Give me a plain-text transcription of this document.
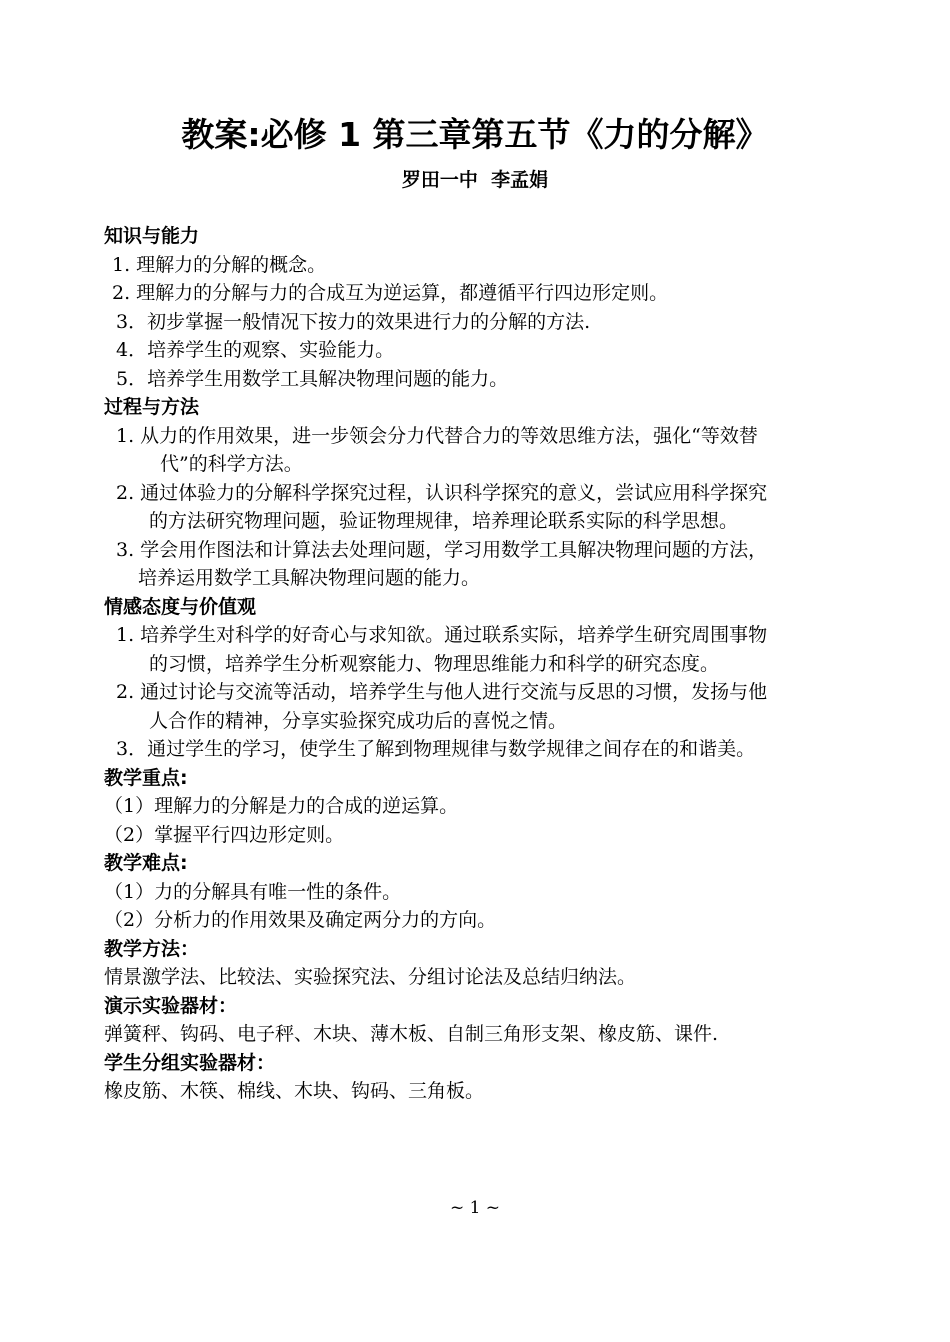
教案:必修 1 第三章第五节《力的分解》
罗田一中  李孟娟
知识与能力
1. 理解力的分解的概念。
2. 理解力的分解与力的合成互为逆运算，都遵循平行四边形定则。
3．初步掌握一般情况下按力的效果进行力的分解的方法.
4．培养学生的观察、实验能力。
5．培养学生用数学工具解决物理问题的能力。
过程与方法
1. 从力的作用效果，进一步领会分力代替合力的等效思维方法，强化“等效替
代”的科学方法。
2. 通过体验力的分解科学探究过程，认识科学探究的意义，尝试应用科学探究
的方法研究物理问题，验证物理规律，培养理论联系实际的科学思想。
3. 学会用作图法和计算法去处理问题，学习用数学工具解决物理问题的方法，
培养运用数学工具解决物理问题的能力。
情感态度与价值观
1. 培养学生对科学的好奇心与求知欲。通过联系实际，培养学生研究周围事物
的习惯，培养学生分析观察能力、物理思维能力和科学的研究态度。
2. 通过讨论与交流等活动，培养学生与他人进行交流与反思的习惯，发扬与他
人合作的精神，分享实验探究成功后的喜悦之情。
3．通过学生的学习，使学生了解到物理规律与数学规律之间存在的和谐美。
教学重点:
（1）理解力的分解是力的合成的逆运算。
（2）掌握平行四边形定则。
教学难点:
（1）力的分解具有唯一性的条件。
（2）分析力的作用效果及确定两分力的方向。
教学方法：
情景激学法、比较法、实验探究法、分组讨论法及总结归纳法。
演示实验器材：
弹簧秤、钩码、电子秤、木块、薄木板、自制三角形支架、橡皮筋、课件.
学生分组实验器材：
橡皮筋、木筷、棉线、木块、钩码、三角板。
~ 1 ~
